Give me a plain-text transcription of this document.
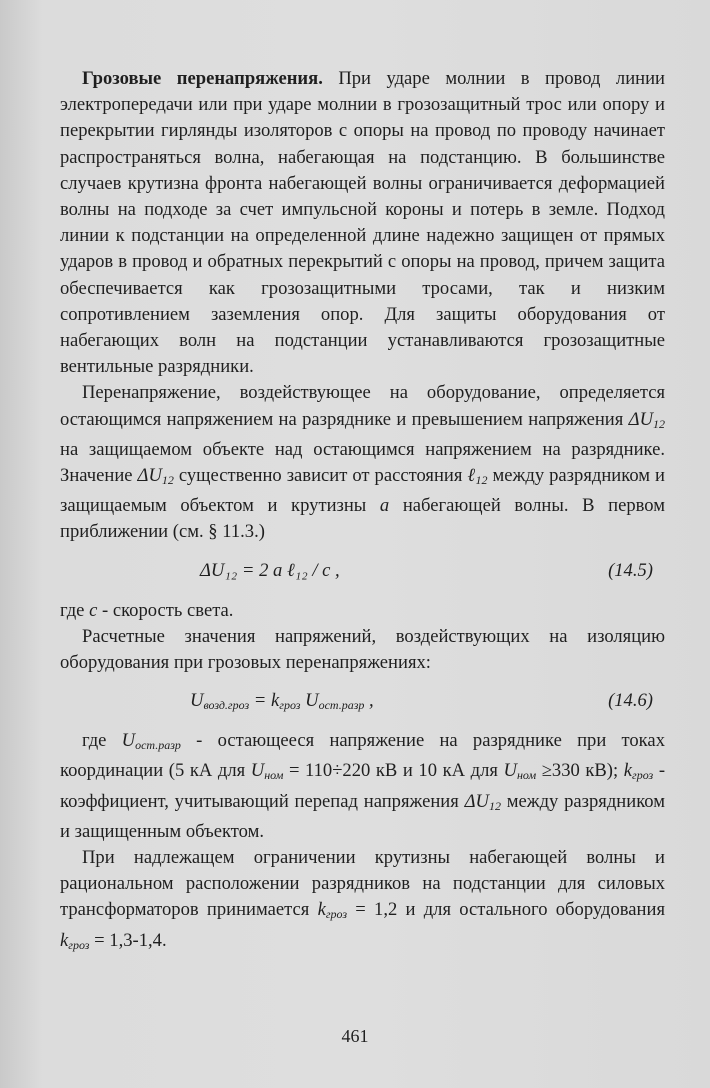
Грозовые перенапряжения. При ударе молнии в провод линии электропередачи или при ударе молнии в грозозащитный трос или опору и перекрытии гирлянды изоляторов с опоры на провод по проводу начинает распространяться волна, набегающая на подстанцию. В большинстве случаев крутизна фронта набегающей волны ограничивается деформацией волны на подходе за счет импульсной короны и потерь в земле. Подход линии к подстанции на определенной длине надежно защищен от прямых ударов в провод и обратных перекрытий с опоры на провод, причем защита обеспечивается как грозозащитными тросами, так и низким сопротивлением заземления опор. Для защиты оборудования от набегающих волн на подстанции устанавливаются грозозащитные вентильные разрядники.

Перенапряжение, воздействующее на оборудование, определяется остающимся напряжением на разряднике и превышением напряжения $\Delta U_{12}$ на защищаемом объекте над остающимся напряжением на разряднике. Значение $\Delta U_{12}$ существенно зависит от расстояния ℓ$_{12}$ между разрядником и защищаемым объектом и крутизны a набегающей волны. В первом приближении (см. § 11.3.)

ΔU₁₂ = 2 a ℓ₁₂ / c ,	(14.5)

где c - скорость света.

Расчетные значения напряжений, воздействующих на изоляцию оборудования при грозовых перенапряжениях:

$U_{возд.гроз} = k_{гроз}$ $U_{ост.разр}$ ,	(14.6)

где $U_{ост.разр}$ - остающееся напряжение на разряднике при токах координации (5 кА для $U_{ном} = 110\div 220$ кВ и 10 кА для $U_{ном} \ge 330$ кВ); $k_{гроз}$ - коэффициент, учитывающий перепад напряжения $\Delta U_{12}$ между разрядником и защищенным объектом.

При надлежащем ограничении крутизны набегающей волны и рациональном расположении разрядников на подстанции для силовых трансформаторов принимается $k_{гроз} = 1,2$ и для остального оборудования $k_{гроз} = 1,3-1,4$.

461
